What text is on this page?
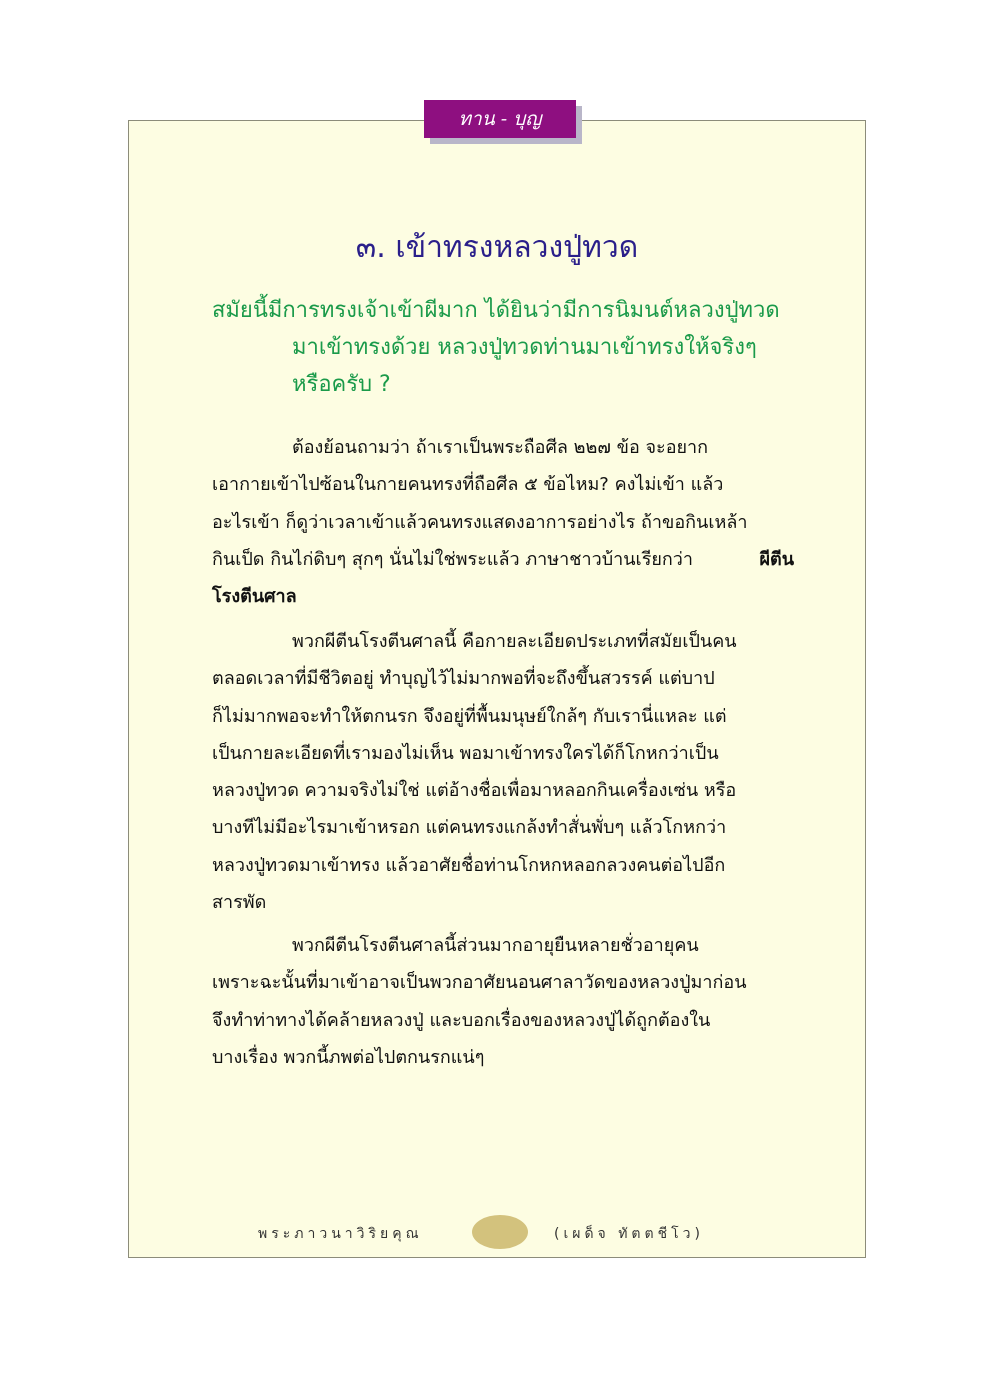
ทาน - บุญ
๓. เข้าทรงหลวงปู่ทวด
สมัยนี้มีการทรงเจ้าเข้าผีมาก ได้ยินว่ามีการนิมนต์หลวงปู่ทวด
มาเข้าทรงด้วย หลวงปู่ทวดท่านมาเข้าทรงให้จริงๆ
หรือครับ ?
ต้องย้อนถามว่า ถ้าเราเป็นพระถือศีล ๒๒๗ ข้อ จะอยาก
เอากายเข้าไปซ้อนในกายคนทรงที่ถือศีล ๕ ข้อไหม? คงไม่เข้า แล้ว
อะไรเข้า ก็ดูว่าเวลาเข้าแล้วคนทรงแสดงอาการอย่างไร ถ้าขอกินเหล้า
กินเป็ด กินไก่ดิบๆ สุกๆ นั่นไม่ใช่พระแล้ว ภาษาชาวบ้านเรียกว่า	ผีตีน
โรงตีนศาล
พวกผีตีนโรงตีนศาลนี้ คือกายละเอียดประเภทที่สมัยเป็นคน
ตลอดเวลาที่มีชีวิตอยู่ ทำบุญไว้ไม่มากพอที่จะถึงขึ้นสวรรค์ แต่บาป
ก็ไม่มากพอจะทำให้ตกนรก จึงอยู่ที่พื้นมนุษย์ใกล้ๆ กับเรานี่แหละ แต่
เป็นกายละเอียดที่เรามองไม่เห็น พอมาเข้าทรงใครได้ก็โกหกว่าเป็น
หลวงปู่ทวด ความจริงไม่ใช่ แต่อ้างชื่อเพื่อมาหลอกกินเครื่องเซ่น หรือ
บางทีไม่มีอะไรมาเข้าหรอก แต่คนทรงแกล้งทำสั่นพั่บๆ แล้วโกหกว่า
หลวงปู่ทวดมาเข้าทรง แล้วอาศัยชื่อท่านโกหกหลอกลวงคนต่อไปอีก
สารพัด
พวกผีตีนโรงตีนศาลนี้ส่วนมากอายุยืนหลายชั่วอายุคน
เพราะฉะนั้นที่มาเข้าอาจเป็นพวกอาศัยนอนศาลาวัดของหลวงปู่มาก่อน
จึงทำท่าทางได้คล้ายหลวงปู่ และบอกเรื่องของหลวงปู่ได้ถูกต้องใน
บางเรื่อง พวกนี้ภพต่อไปตกนรกแน่ๆ
พระภาวนาวิริยคุณ	(เผด็จ ทัตตชีโว)
